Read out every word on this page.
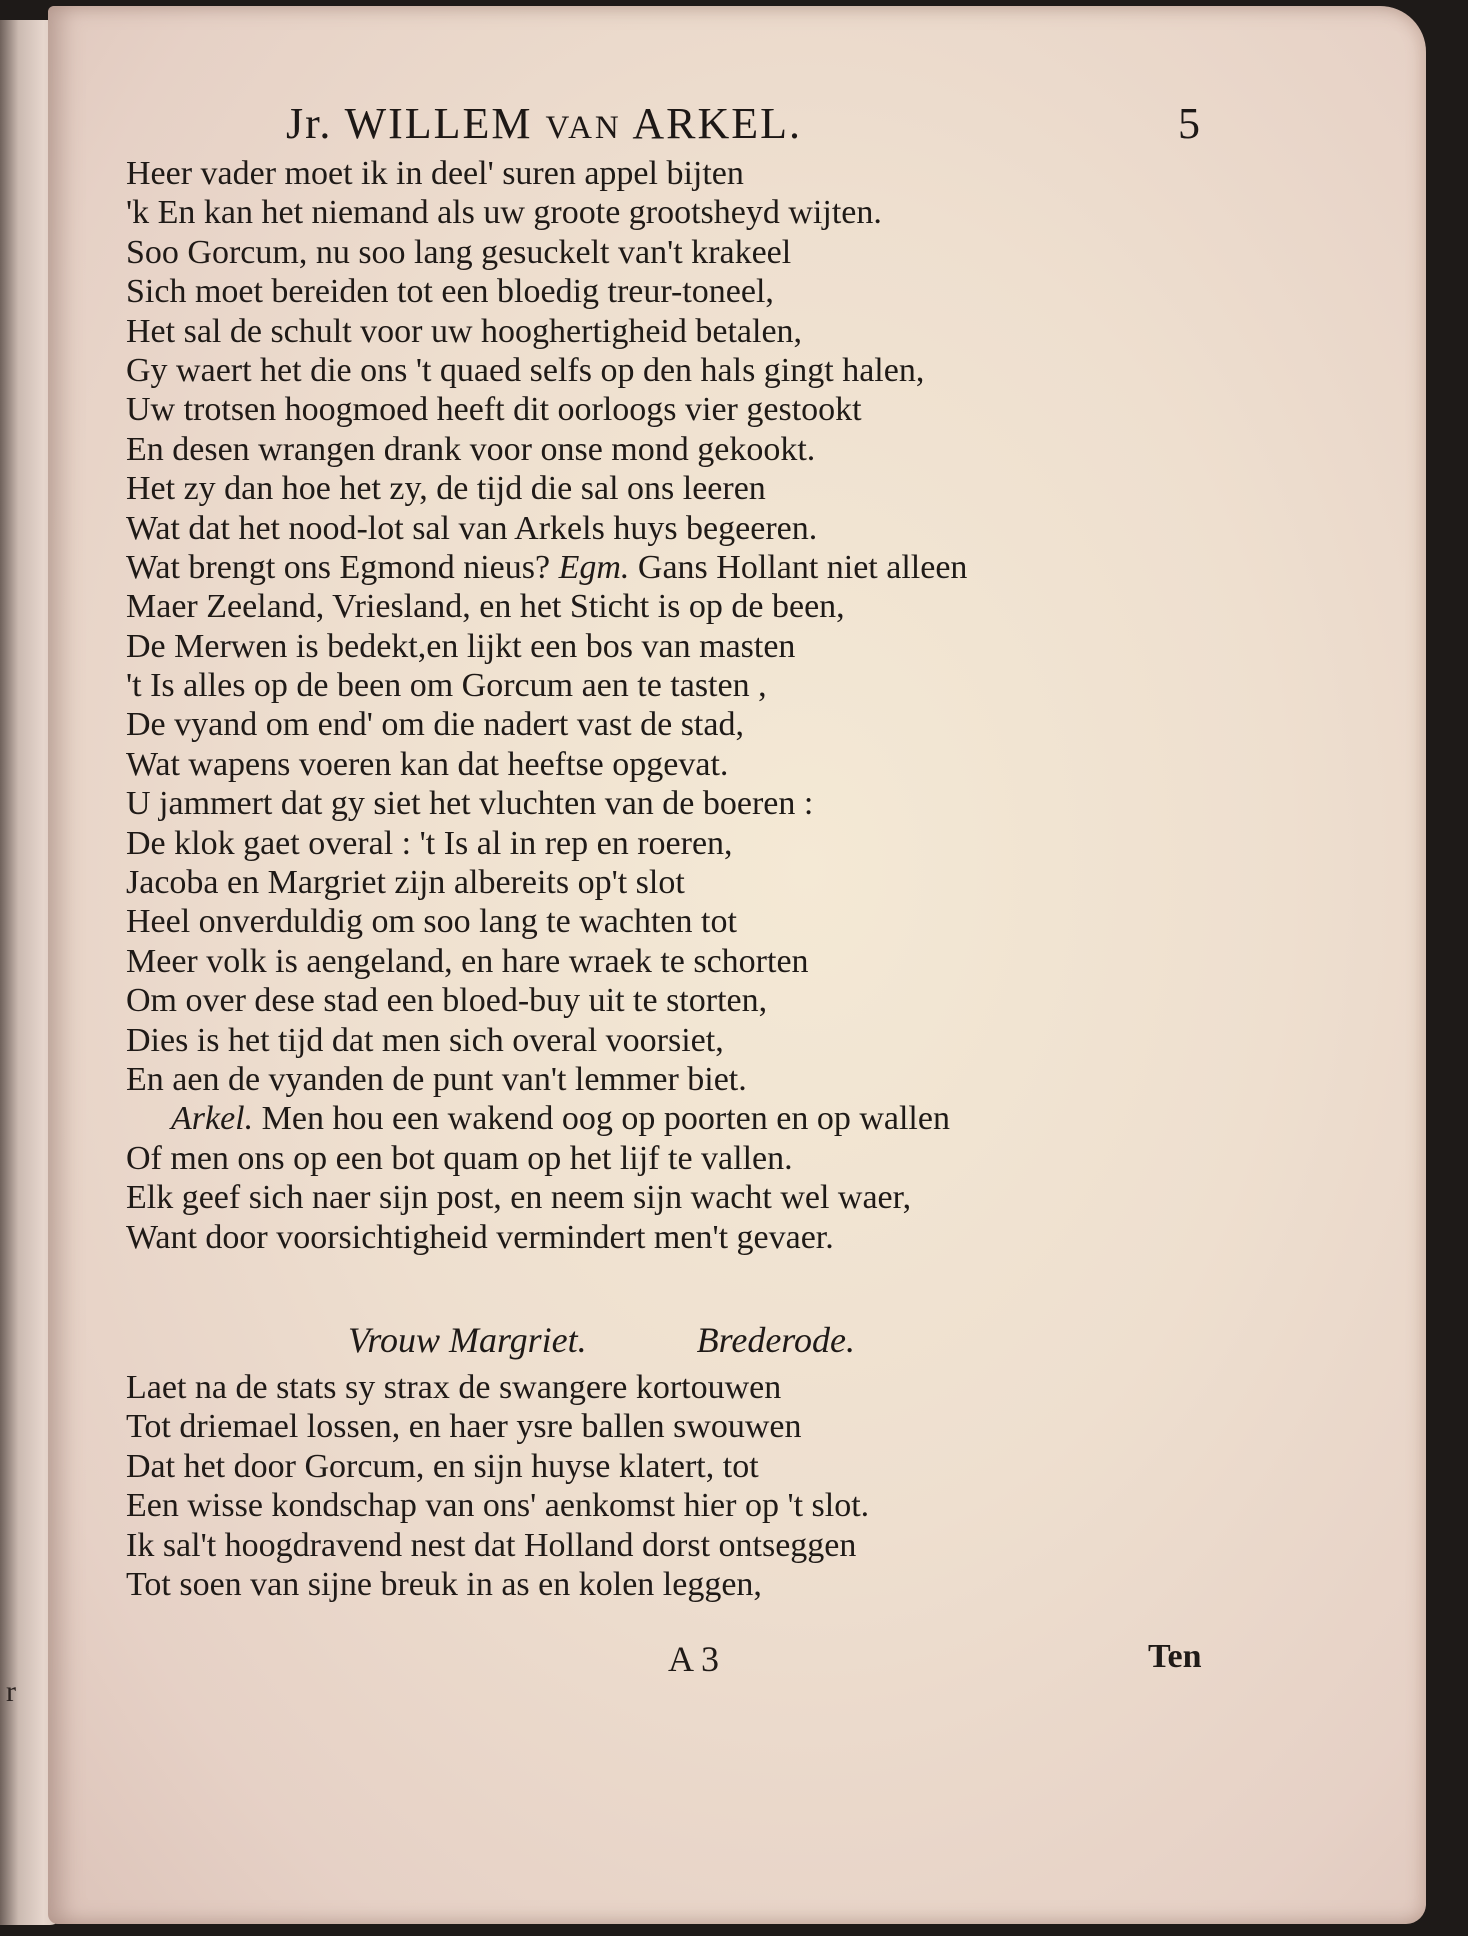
r
Jr. WILLEM VAN ARKEL.	5
Heer vader moet ik in deel' suren appel bijten
'k En kan het niemand als uw groote grootsheyd wijten.
Soo Gorcum, nu soo lang gesuckelt van't krakeel
Sich moet bereiden tot een bloedig treur-toneel,
Het sal de schult voor uw hooghertigheid betalen,
Gy waert het die ons 't quaed selfs op den hals gingt halen,
Uw trotsen hoogmoed heeft dit oorloogs vier gestookt
En desen wrangen drank voor onse mond gekookt.
Het zy dan hoe het zy, de tijd die sal ons leeren
Wat dat het nood-lot sal van Arkels huys begeeren.
Wat brengt ons Egmond nieus? Egm. Gans Hollant niet alleen
Maer Zeeland, Vriesland, en het Sticht is op de been,
De Merwen is bedekt,en lijkt een bos van masten
't Is alles op de been om Gorcum aen te tasten ,
De vyand om end' om die nadert vast de stad,
Wat wapens voeren kan dat heeftse opgevat.
U jammert dat gy siet het vluchten van de boeren :
De klok gaet overal : 't Is al in rep en roeren,
Jacoba en Margriet zijn albereits op't slot
Heel onverduldig om soo lang te wachten tot
Meer volk is aengeland, en hare wraek te schorten
Om over dese stad een bloed-buy uit te storten,
Dies is het tijd dat men sich overal voorsiet,
En aen de vyanden de punt van't lemmer biet.
Arkel. Men hou een wakend oog op poorten en op wallen
Of men ons op een bot quam op het lijf te vallen.
Elk geef sich naer sijn post, en neem sijn wacht wel waer,
Want door voorsichtigheid vermindert men't gevaer.
Vrouw Margriet.	Brederode.
Laet na de stats sy strax de swangere kortouwen
Tot driemael lossen, en haer ysre ballen swouwen
Dat het door Gorcum, en sijn huyse klatert, tot
Een wisse kondschap van ons' aenkomst hier op 't slot.
Ik sal't hoogdravend nest dat Holland dorst ontseggen
Tot soen van sijne breuk in as en kolen leggen,
A 3	Ten
